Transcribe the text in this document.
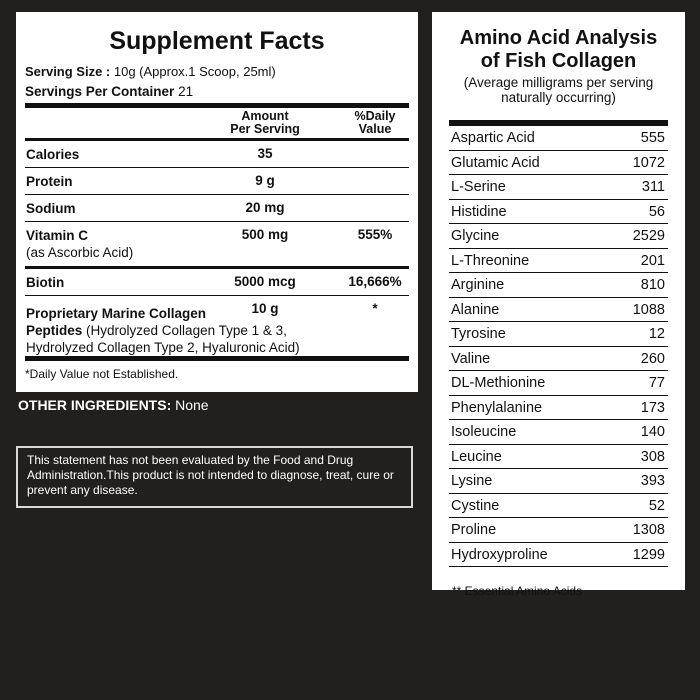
Supplement Facts
Serving Size : 10g (Approx.1 Scoop, 25ml)
Servings Per Container 21
Amount
Per Serving
%Daily
Value
Calories	35
Protein	9 g
Sodium	20 mg
Vitamin C
(as Ascorbic Acid)
500 mg	555%
Biotin	5000 mcg	16,666%
Proprietary Marine Collagen
Peptides (Hydrolyzed Collagen Type 1 & 3, Hydrolyzed Collagen Type 2, Hyaluronic Acid)
10 g	*
*Daily Value not Established.
OTHER INGREDIENTS: None
This statement has not been evaluated by the Food and Drug Administration.This product is not intended to diagnose, treat, cure or prevent any disease.
Amino Acid Analysis
of Fish Collagen
(Average milligrams per serving
naturally occurring)
Aspartic Acid	555
Glutamic Acid	1072
L-Serine	311
Histidine	56
Glycine	2529
L-Threonine	201
Arginine	810
Alanine	1088
Tyrosine	12
Valine	260
DL-Methionine	77
Phenylalanine	173
Isoleucine	140
Leucine	308
Lysine	393
Cystine	52
Proline	1308
Hydroxyproline	1299
** Essential Amino Acids
